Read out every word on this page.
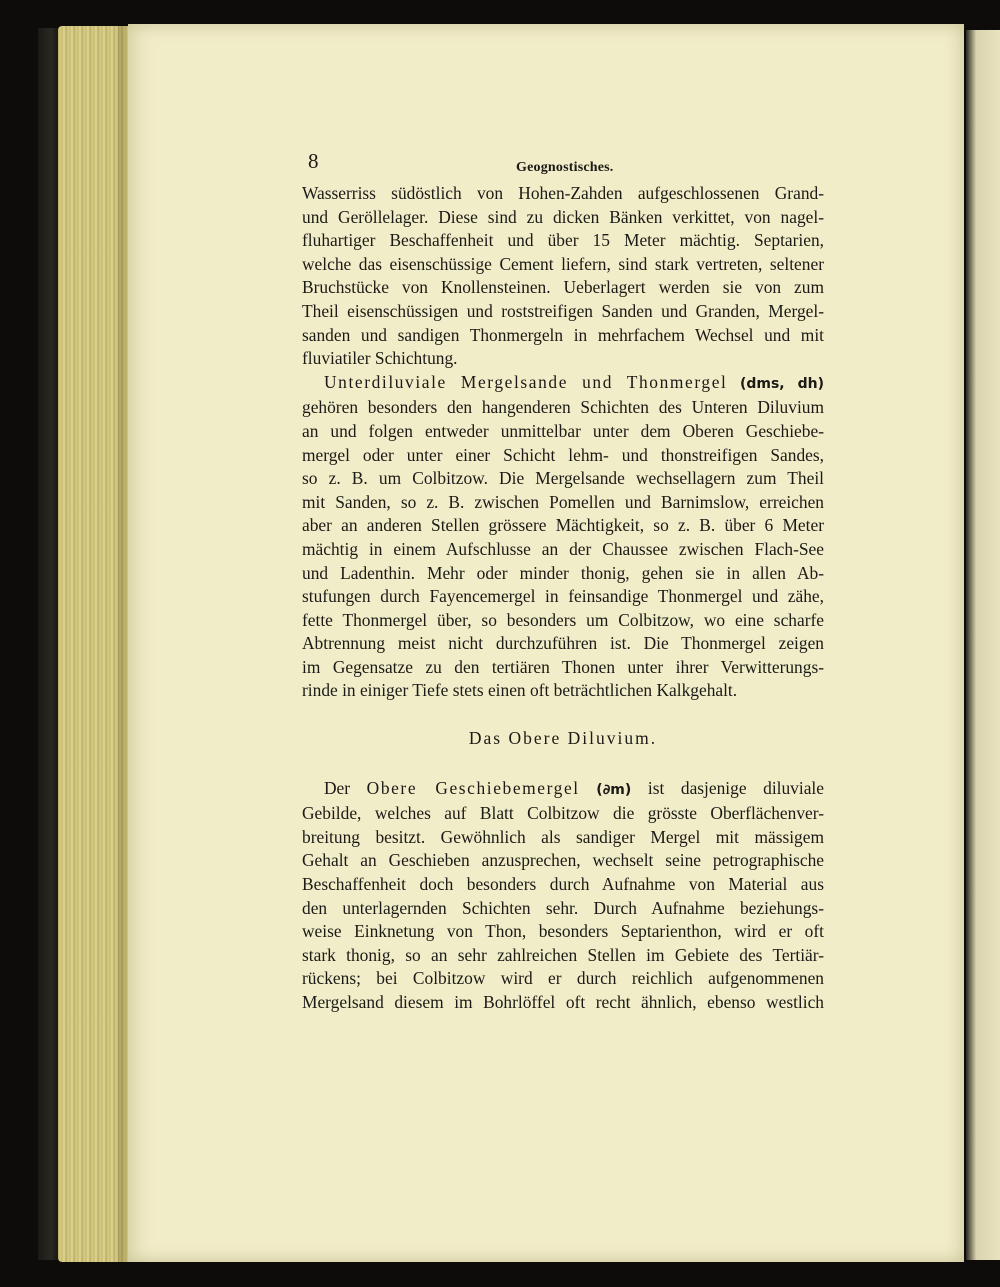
8	Geognostisches.
Wasserriss südöstlich von Hohen-Zahden aufgeschlossenen Grand-
und Geröllelager. Diese sind zu dicken Bänken verkittet, von nagel-
fluhartiger Beschaffenheit und über 15 Meter mächtig. Septarien,
welche das eisenschüssige Cement liefern, sind stark vertreten, seltener
Bruchstücke von Knollensteinen. Ueberlagert werden sie von zum
Theil eisenschüssigen und roststreifigen Sanden und Granden, Mergel-
sanden und sandigen Thonmergeln in mehrfachem Wechsel und mit
fluviatiler Schichtung.
Unterdiluviale Mergelsande und Thonmergel (dms, dh)
gehören besonders den hangenderen Schichten des Unteren Diluvium
an und folgen entweder unmittelbar unter dem Oberen Geschiebe-
mergel oder unter einer Schicht lehm- und thonstreifigen Sandes,
so z. B. um Colbitzow. Die Mergelsande wechsellagern zum Theil
mit Sanden, so z. B. zwischen Pomellen und Barnimslow, erreichen
aber an anderen Stellen grössere Mächtigkeit, so z. B. über 6 Meter
mächtig in einem Aufschlusse an der Chaussee zwischen Flach-See
und Ladenthin. Mehr oder minder thonig, gehen sie in allen Ab-
stufungen durch Fayencemergel in feinsandige Thonmergel und zähe,
fette Thonmergel über, so besonders um Colbitzow, wo eine scharfe
Abtrennung meist nicht durchzuführen ist. Die Thonmergel zeigen
im Gegensatze zu den tertiären Thonen unter ihrer Verwitterungs-
rinde in einiger Tiefe stets einen oft beträchtlichen Kalkgehalt.
Das Obere Diluvium.
Der Obere Geschiebemergel (∂m) ist dasjenige diluviale
Gebilde, welches auf Blatt Colbitzow die grösste Oberflächenver-
breitung besitzt. Gewöhnlich als sandiger Mergel mit mässigem
Gehalt an Geschieben anzusprechen, wechselt seine petrographische
Beschaffenheit doch besonders durch Aufnahme von Material aus
den unterlagernden Schichten sehr. Durch Aufnahme beziehungs-
weise Einknetung von Thon, besonders Septarienthon, wird er oft
stark thonig, so an sehr zahlreichen Stellen im Gebiete des Tertiär-
rückens; bei Colbitzow wird er durch reichlich aufgenommenen
Mergelsand diesem im Bohrlöffel oft recht ähnlich, ebenso westlich
